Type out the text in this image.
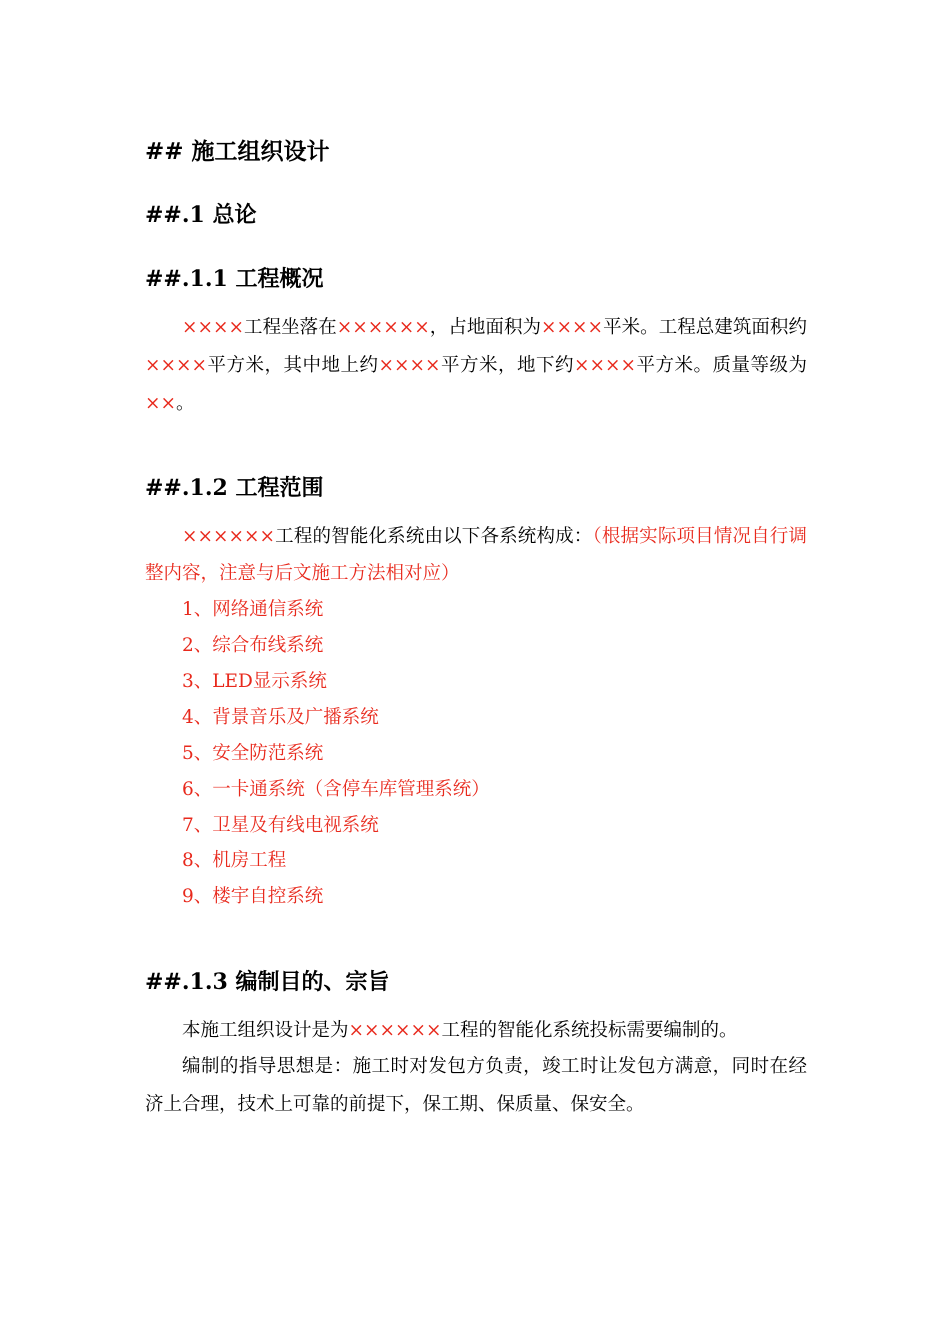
## 施工组织设计
##.1 总论
##.1.1 工程概况

××××工程坐落在××××××，占地面积为××××平米。工程总建筑面积约××××平方米，其中地上约××××平方米，地下约××××平方米。质量等级为××。

##.1.2 工程范围

××××××工程的智能化系统由以下各系统构成：（根据实际项目情况自行调整内容，注意与后文施工方法相对应）

1、网络通信系统
2、综合布线系统
3、LED显示系统
4、背景音乐及广播系统
5、安全防范系统
6、一卡通系统（含停车库管理系统）
7、卫星及有线电视系统
8、机房工程
9、楼宇自控系统
##.1.3 编制目的、宗旨

本施工组织设计是为××××××工程的智能化系统投标需要编制的。

编制的指导思想是：施工时对发包方负责，竣工时让发包方满意，同时在经济上合理，技术上可靠的前提下，保工期、保质量、保安全。
